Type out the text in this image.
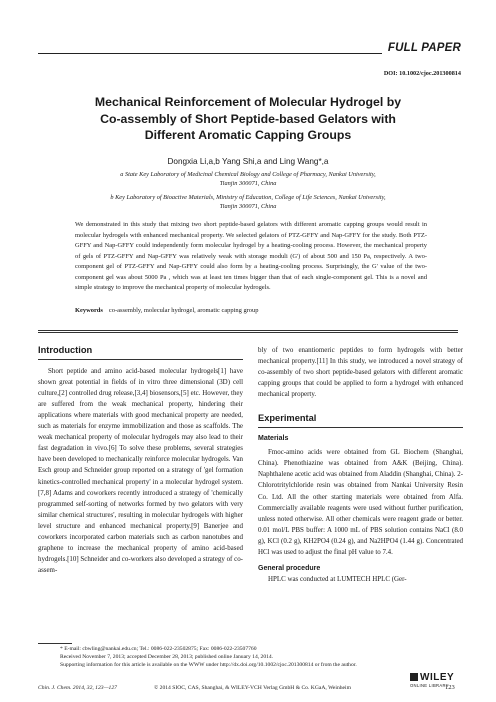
FULL PAPER
DOI: 10.1002/cjoc.201300814
Mechanical Reinforcement of Molecular Hydrogel by
Co-assembly of Short Peptide-based Gelators with
Different Aromatic Capping Groups
Dongxia Li,a,b Yang Shi,a and Ling Wang*,a
a State Key Laboratory of Medicinal Chemical Biology and College of Pharmacy, Nankai University,
Tianjin 300071, China
b Key Laboratory of Bioactive Materials, Ministry of Education, College of Life Sciences, Nankai University,
Tianjin 300071, China
We demonstrated in this study that mixing two short peptide-based gelators with different aromatic capping groups would result in molecular hydrogels with enhanced mechanical property. We selected gelators of PTZ-GFFY and Nap-GFFY for the study. Both PTZ-GFFY and Nap-GFFY could independently form molecular hydrogel by a heating-cooling process. However, the mechanical property of gels of PTZ-GFFY and Nap-GFFY was relatively weak with storage moduli (G') of about 500 and 150 Pa, respectively. A two-component gel of PTZ-GFFY and Nap-GFFY could also form by a heating-cooling process. Surprisingly, the G' value of the two-component gel was about 5000 Pa , which was at least ten times bigger than that of each single-component gel. This is a novel and simple strategy to improve the mechanical property of molecular hydrogels.
Keywords co-assembly, molecular hydrogel, aromatic capping group
Introduction

Short peptide and amino acid-based molecular hydrogels[1] have shown great potential in fields of in vitro three dimensional (3D) cell culture,[2] controlled drug release,[3,4] biosensors,[5] etc. However, they are suffered from the weak mechanical property, hindering their applications where materials with good mechanical property are needed, such as materials for enzyme immobilization and those as scaffolds. The weak mechanical property of molecular hydrogels may also lead to their fast degradation in vivo.[6] To solve these problems, several strategies have been developed to mechanically reinforce molecular hydrogels. Van Esch group and Schneider group reported on a strategy of 'gel formation kinetics-controlled mechanical property' in a molecular hydrogel system.[7,8] Adams and coworkers recently introduced a strategy of 'chemically programmed self-sorting of networks formed by two gelators with very similar chemical structures', resulting in molecular hydrogels with higher level structure and enhanced mechanical property.[9] Banerjee and coworkers incorporated carbon materials such as carbon nanotubes and graphene to increase the mechanical property of amino acid-based hydrogels.[10] Schneider and co-workers also developed a strategy of co-assem-

bly of two enantiomeric peptides to form hydrogels with better mechanical property.[11] In this study, we introduced a novel strategy of co-assembly of two short peptide-based gelators with different aromatic capping groups that could be applied to form a hydrogel with enhanced mechanical property.

Experimental
Materials

Fmoc-amino acids were obtained from GL Biochem (Shanghai, China). Phenothiazine was obtained from A&K (Beijing, China). Naphthalene acetic acid was obtained from Aladdin (Shanghai, China). 2-Chlorotritylchloride resin was obtained from Nankai University Resin Co. Ltd. All the other starting materials were obtained from Alfa. Commercially available reagents were used without further purification, unless noted otherwise. All other chemicals were reagent grade or better. 0.01 mol/L PBS buffer: A 1000 mL of PBS solution contains NaCl (8.0 g), KCl (0.2 g), KH2PO4 (0.24 g), and Na2HPO4 (1.44 g). Concentrated HCl was used to adjust the final pH value to 7.4.

General procedure

HPLC was conducted at LUMTECH HPLC (Ger-

* E-mail: cbwling@nankai.edu.cn; Tel.: 0086-022-23502875; Fax: 0086-022-23507760
Received November 7, 2013; accepted December 28, 2013; published online January 14, 2014.
Supporting information for this article is available on the WWW under http://dx.doi.org/10.1002/cjoc.201300814 or from the author.
Chin. J. Chem. 2014, 32, 123—127	© 2014 SIOC, CAS, Shanghai, & WILEY-VCH Verlag GmbH & Co. KGaA, Weinheim
WILEY
ONLINE LIBRARY
123
